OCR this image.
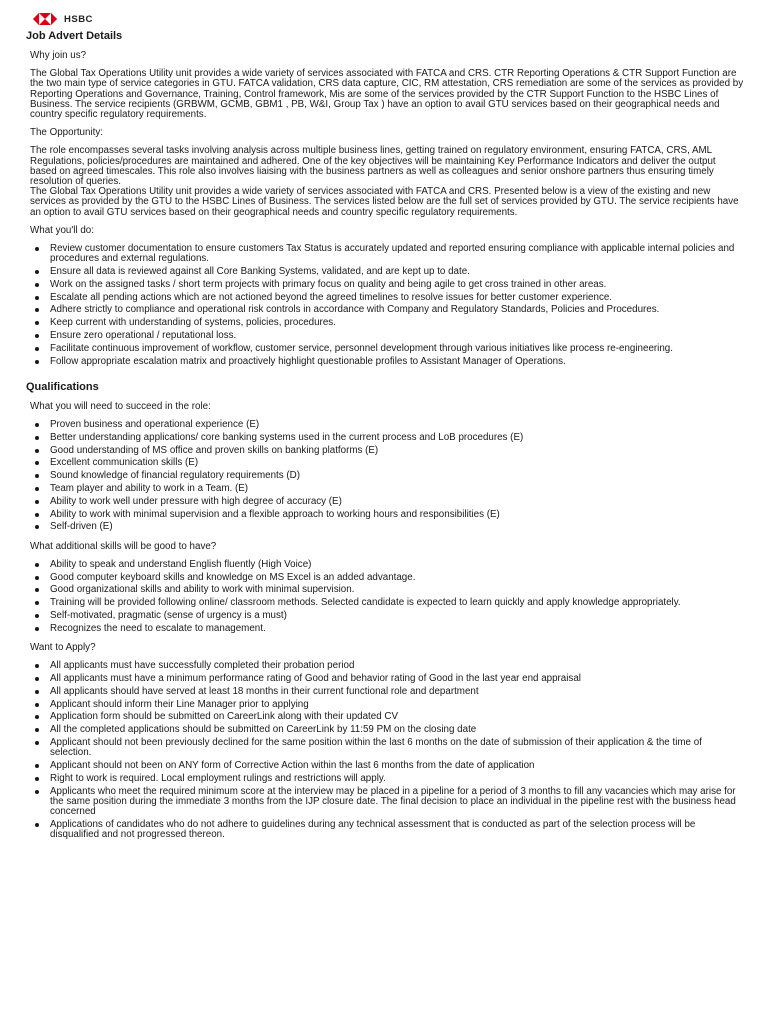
HSBC
Job Advert Details

Why join us?

The Global Tax Operations Utility unit provides a wide variety of services associated with FATCA and CRS. CTR Reporting Operations & CTR Support Function are the two main type of service categories in GTU. FATCA validation, CRS data capture, CIC, RM attestation, CRS remediation are some of the services as provided by Reporting Operations and Governance, Training, Control framework, Mis are some of the services provided by the CTR Support Function to the HSBC Lines of Business. The service recipients (GRBWM, GCMB, GBM1 , PB, W&I, Group Tax ) have an option to avail GTU services based on their geographical needs and country specific regulatory requirements.

The Opportunity:

The role encompasses several tasks involving analysis across multiple business lines, getting trained on regulatory environment, ensuring FATCA, CRS, AML Regulations, policies/procedures are maintained and adhered. One of the key objectives will be maintaining Key Performance Indicators and deliver the output based on agreed timescales. This role also involves liaising with the business partners as well as colleagues and senior onshore partners thus ensuring timely resolution of queries.

The Global Tax Operations Utility unit provides a wide variety of services associated with FATCA and CRS. Presented below is a view of the existing and new services as provided by the GTU to the HSBC Lines of Business. The services listed below are the full set of services provided by GTU. The service recipients have an option to avail GTU services based on their geographical needs and country specific regulatory requirements.

What you'll do:

Review customer documentation to ensure customers Tax Status is accurately updated and reported ensuring compliance with applicable internal policies and procedures and external regulations.
Ensure all data is reviewed against all Core Banking Systems, validated, and are kept up to date.
Work on the assigned tasks / short term projects with primary focus on quality and being agile to get cross trained in other areas.
Escalate all pending actions which are not actioned beyond the agreed timelines to resolve issues for better customer experience.
Adhere strictly to compliance and operational risk controls in accordance with Company and Regulatory Standards, Policies and Procedures.
Keep current with understanding of systems, policies, procedures.
Ensure zero operational / reputational loss.
Facilitate continuous improvement of workflow, customer service, personnel development through various initiatives like process re-engineering.
Follow appropriate escalation matrix and proactively highlight questionable profiles to Assistant Manager of Operations.
Qualifications

What you will need to succeed in the role:

Proven business and operational experience (E)
Better understanding applications/ core banking systems used in the current process and LoB procedures (E)
Good understanding of MS office and proven skills on banking platforms (E)
Excellent communication skills (E)
Sound knowledge of financial regulatory requirements (D)
Team player and ability to work in a Team. (E)
Ability to work well under pressure with high degree of accuracy (E)
Ability to work with minimal supervision and a flexible approach to working hours and responsibilities (E)
Self-driven (E)

What additional skills will be good to have?

Ability to speak and understand English fluently (High Voice)
Good computer keyboard skills and knowledge on MS Excel is an added advantage.
Good organizational skills and ability to work with minimal supervision.
Training will be provided following online/ classroom methods. Selected candidate is expected to learn quickly and apply knowledge appropriately.
Self-motivated, pragmatic (sense of urgency is a must)
Recognizes the need to escalate to management.

Want to Apply?

All applicants must have successfully completed their probation period
All applicants must have a minimum performance rating of Good and behavior rating of Good in the last year end appraisal
All applicants should have served at least 18 months in their current functional role and department
Applicant should inform their Line Manager prior to applying
Application form should be submitted on CareerLink along with their updated CV
All the completed applications should be submitted on CareerLink by 11:59 PM on the closing date
Applicant should not been previously declined for the same position within the last 6 months on the date of submission of their application & the time of selection.
Applicant should not been on ANY form of Corrective Action within the last 6 months from the date of application
Right to work is required. Local employment rulings and restrictions will apply.
Applicants who meet the required minimum score at the interview may be placed in a pipeline for a period of 3 months to fill any vacancies which may arise for the same position during the immediate 3 months from the IJP closure date. The final decision to place an individual in the pipeline rest with the business head concerned
Applications of candidates who do not adhere to guidelines during any technical assessment that is conducted as part of the selection process will be disqualified and not progressed thereon.
